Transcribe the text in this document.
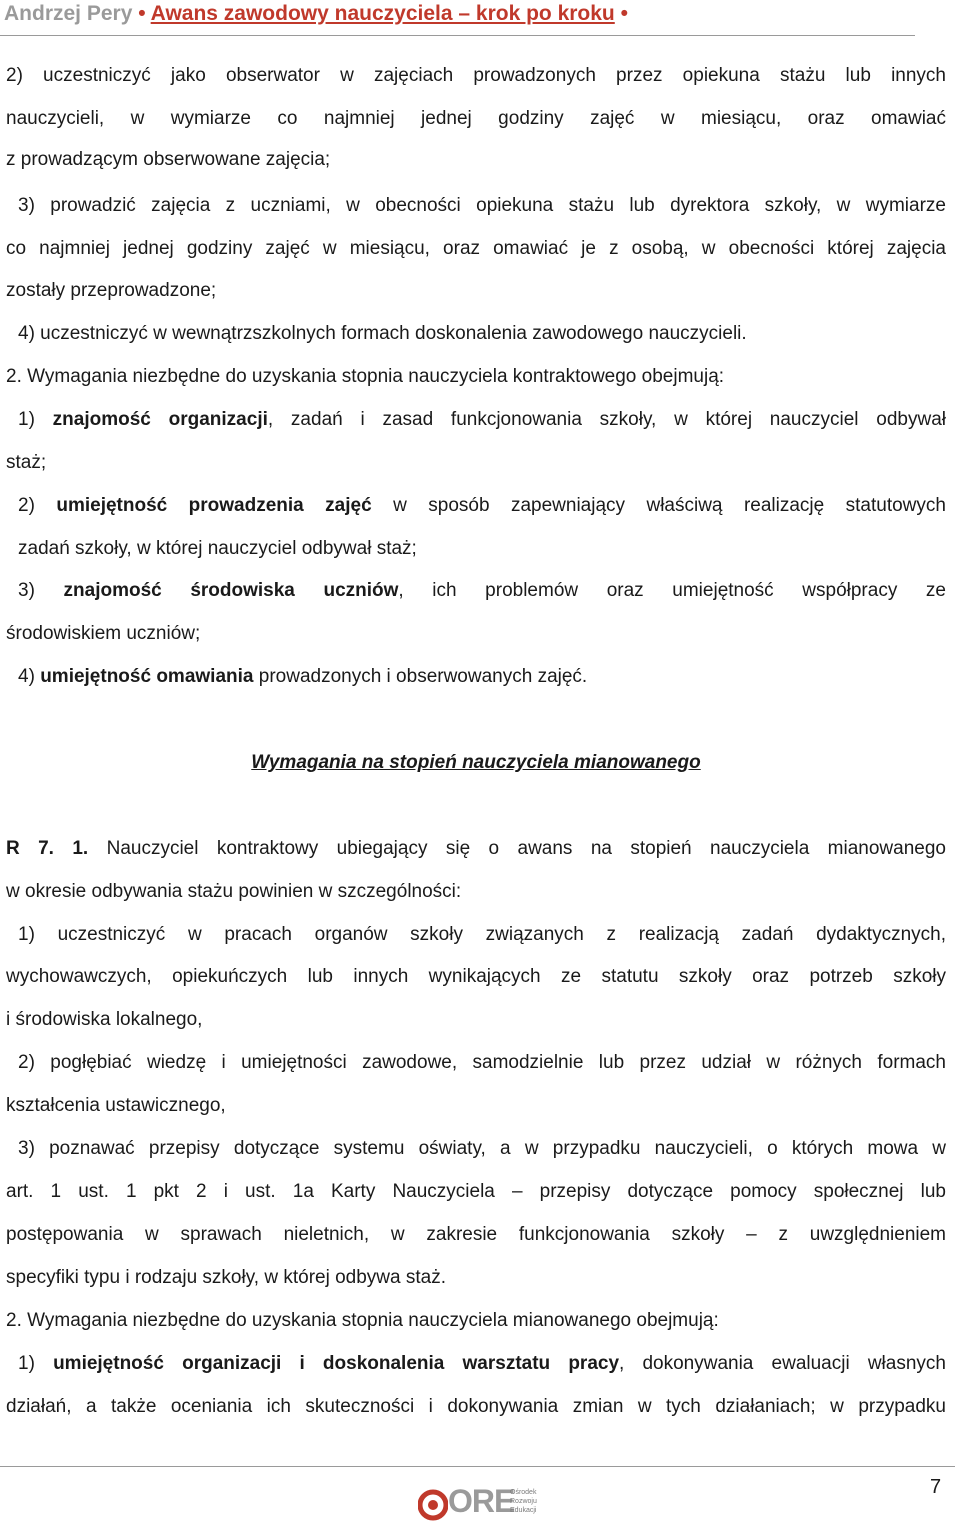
Andrzej Pery • Awans zawodowy nauczyciela – krok po kroku •
2) uczestniczyć jako obserwator w zajęciach prowadzonych przez opiekuna stażu lub innych
nauczycieli, w wymiarze co najmniej jednej godziny zajęć w miesiącu, oraz omawiać
z prowadzącym obserwowane zajęcia;
3) prowadzić zajęcia z uczniami, w obecności opiekuna stażu lub dyrektora szkoły, w wymiarze
co najmniej jednej godziny zajęć w miesiącu, oraz omawiać je z osobą, w obecności której zajęcia
zostały przeprowadzone;
4) uczestniczyć w wewnątrzszkolnych formach doskonalenia zawodowego nauczycieli.
2. Wymagania niezbędne do uzyskania stopnia nauczyciela kontraktowego obejmują:
1) znajomość organizacji, zadań i zasad funkcjonowania szkoły, w której nauczyciel odbywał
staż;
2) umiejętność prowadzenia zajęć w sposób zapewniający właściwą realizację statutowych
zadań szkoły, w której nauczyciel odbywał staż;
3) znajomość środowiska uczniów, ich problemów oraz umiejętność współpracy ze
środowiskiem uczniów;
4) umiejętność omawiania prowadzonych i obserwowanych zajęć.
Wymagania na stopień nauczyciela mianowanego
R 7. 1. Nauczyciel kontraktowy ubiegający się o awans na stopień nauczyciela mianowanego
w okresie odbywania stażu powinien w szczególności:
1) uczestniczyć w pracach organów szkoły związanych z realizacją zadań dydaktycznych,
wychowawczych, opiekuńczych lub innych wynikających ze statutu szkoły oraz potrzeb szkoły
i środowiska lokalnego,
2) pogłębiać wiedzę i umiejętności zawodowe, samodzielnie lub przez udział w różnych formach
kształcenia ustawicznego,
3) poznawać przepisy dotyczące systemu oświaty, a w przypadku nauczycieli, o których mowa w
art. 1 ust. 1 pkt 2 i ust. 1a Karty Nauczyciela – przepisy dotyczące pomocy społecznej lub
postępowania w sprawach nieletnich, w zakresie funkcjonowania szkoły – z uwzględnieniem
specyfiki typu i rodzaju szkoły, w której odbywa staż.
2. Wymagania niezbędne do uzyskania stopnia nauczyciela mianowanego obejmują:
1) umiejętność organizacji i doskonalenia warsztatu pracy, dokonywania ewaluacji własnych
działań, a także oceniania ich skuteczności i dokonywania zmian w tych działaniach; w przypadku
7
ORE
Ośrodek
Rozwoju
Edukacji
